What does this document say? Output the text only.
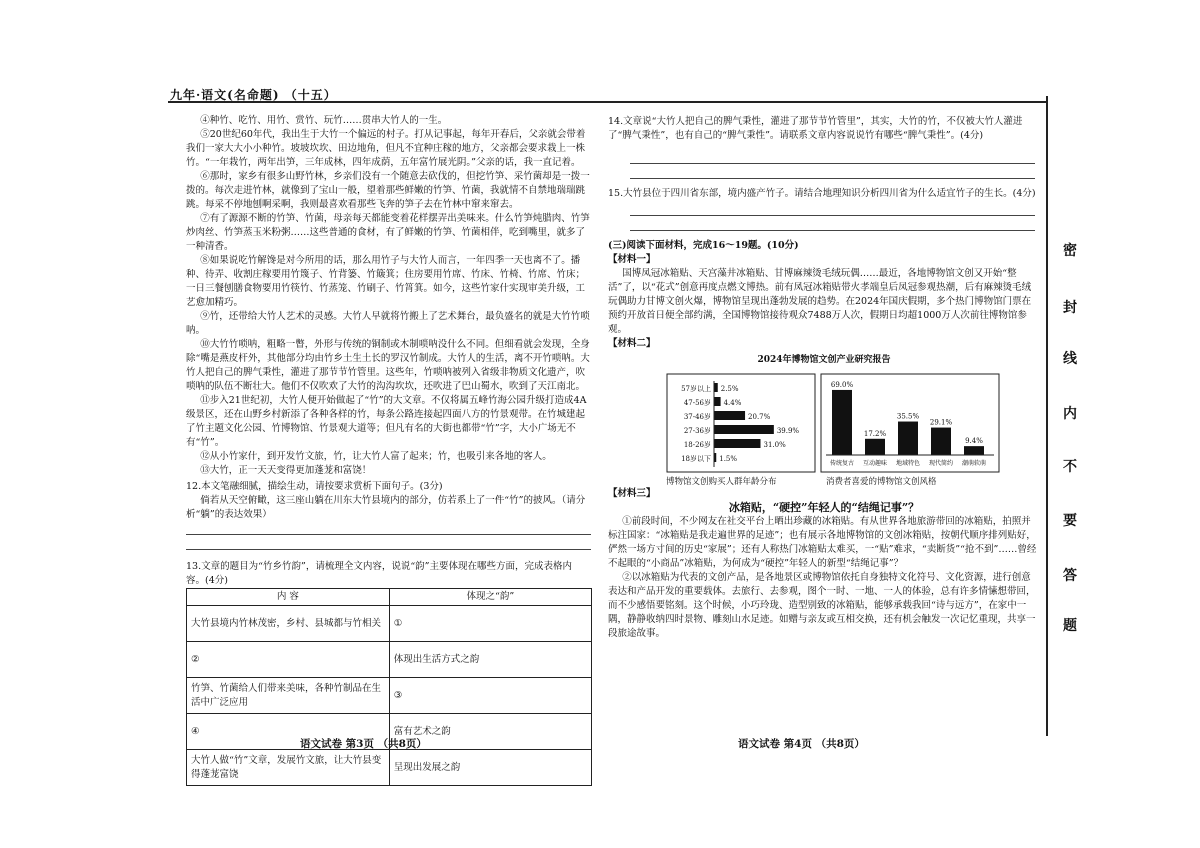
九年·语文(名命题) （十五）
密
封
线
内
不
要
答
题

④种竹、吃竹、用竹、赏竹、玩竹……贯串大竹人的一生。

⑤20世纪60年代，我出生于大竹一个偏远的村子。打从记事起，每年开春后，父亲就会带着我们一家大大小小种竹。坡坡坎坎、田边地角，但凡不宜种庄稼的地方，父亲都会要求栽上一株竹。“一年栽竹，两年出笋，三年成林，四年成荫，五年富竹展光阴。”父亲的话，我一直记着。

⑥那时，家乡有很多山野竹林，乡亲们没有一个随意去砍伐的，但挖竹笋、采竹菌却是一拨一拨的。每次走进竹林，就像到了宝山一般，望着那些鲜嫩的竹笋、竹菌，我就情不自禁地瑞瑞跳跳。每采不停地刨啊采啊，我则最喜欢看那些飞奔的笋子去在竹林中窜来窜去。

⑦有了源源不断的竹笋、竹菌，母亲每天都能变着花样摆弄出美味来。什么竹笋炖腊肉、竹笋炒肉丝、竹笋蒸玉米粉粥……这些普通的食材，有了鲜嫩的竹笋、竹菌相伴，吃到嘴里，就多了一种清香。

⑧如果说吃竹解馋是对今所用的话，那么用竹子与大竹人而言，一年四季一天也离不了。播种、待弄、收割庄稼要用竹篾子、竹背篓、竹簸箕；住房要用竹席、竹床、竹椅、竹席、竹床；一日三餐刨膳食物要用竹筷竹、竹蒸笼、竹刷子、竹筲箕。如今，这些竹家什实现审美升级，工艺愈加精巧。

⑨竹，还带给大竹人艺术的灵感。大竹人早就将竹搬上了艺术舞台，最负盛名的就是大竹竹唢呐。

⑩大竹竹唢呐，粗略一瞥，外形与传统的铜制或木制唢呐没什么不同。但细看就会发现，全身除“嘴是燕皮杆外，其他部分均由竹乡土生土长的罗汉竹制成。大竹人的生活，离不开竹唢呐。大竹人把自己的脾气秉性，灌进了那节节竹管里。这些年，竹唢呐被列入省级非物质文化遗产，吹唢呐的队伍不断壮大。他们不仅吹欢了大竹的沟沟坎坎，还吹进了巴山蜀水，吹到了天江南北。

⑪步入21世纪初，大竹人便开始做起了“竹”的大文章。不仅将属五峰竹海公园升级打造成4A级景区，还在山野乡村新添了各种各样的竹，每条公路连接起四面八方的竹景观带。在竹城建起了竹主题文化公园、竹博物馆、竹景观大道等；但凡有名的大街也都带“竹”字，大小广场无不有“竹”。

⑫从小竹家什，到开发竹文旅，竹，让大竹人富了起来；竹，也吸引来各地的客人。

⑬大竹，正一天天变得更加蓬茏和富饶！

12.本文笔融细腻，描绘生动，请按要求赏析下面句子。(3分)

倘若从天空俯瞰，这三座山躺在川东大竹县境内的部分，仿若系上了一件“竹”的披风。（请分析“躺”的表达效果）

13.文章的题目为“竹乡竹韵”，请梳理全文内容，说说“韵”主要体现在哪些方面，完成表格内容。(4分)

内 容	体现之“韵”
大竹县境内竹林茂密，乡村、县城都与竹相关	①
②	体现出生活方式之韵
竹笋、竹菌给人们带来美味，各种竹制品在生活中广泛应用	③
④	富有艺术之韵
大竹人做“竹”文章，发展竹文旅，让大竹县变得蓬茏富饶	呈现出发展之韵
语文试卷 第3页 （共8页）

14.文章说“大竹人把自己的脾气秉性，灌进了那节节竹管里”，其实，大竹的竹，不仅被大竹人灌进了“脾气秉性”，也有自己的“脾气秉性”。请联系文章内容说说竹有哪些“脾气秉性”。(4分)

15.大竹县位于四川省东部，境内盛产竹子。请结合地理知识分析四川省为什么适宜竹子的生长。(4分)

(三)阅读下面材料，完成16～19题。(10分)

【材料一】

国博凤冠冰箱贴、天宫藻井冰箱贴、甘博麻辣烫毛绒玩偶……最近，各地博物馆文创又开始“整活”了，以“花式”创意再度点燃文博热。前有凤冠冰箱贴带火孝端皇后凤冠参观热潮，后有麻辣烫毛绒玩偶助力甘博文创火爆，博物馆呈现出蓬勃发展的趋势。在2024年国庆假期，多个热门博物馆门票在预约开放首日便全部约满，全国博物馆接待观众7488万人次，假期日均超1000万人次前往博物馆参观。

【材料二】

2024年博物馆文创产业研究报告
57岁以上 2.5%
47-56岁 4.4%
37-46岁	20.7%
27-36岁	39.9%
18-26岁	31.0%
18岁以下 1.5%
69.0%
传统复古
17.2%
互动趣味
35.5%
地域特色
29.1%
现代简约
9.4%
潮萌软萌
博物馆文创购买人群年龄分布	消费者喜爱的博物馆文创风格

【材料三】

冰箱贴，“硬控”年轻人的“结绳记事”？

①前段时间，不少网友在社交平台上晒出珍藏的冰箱贴。有从世界各地旅游带回的冰箱贴，拍照并标注国家：“冰箱贴是我走遍世界的足迹”；也有展示各地博物馆的文创冰箱贴，按朝代顺序排列贴好，俨然一场方寸间的历史“家展”；还有人称热门冰箱贴太难买，一“贴”难求，“卖断货”“抢不到”……曾经不起眼的“小商品”冰箱贴，为何成为“硬控”年轻人的新型“结绳记事”？

②以冰箱贴为代表的文创产品，是各地景区或博物馆依托自身独特文化符号、文化资源，进行创意表达和产品开发的重要载体。去旅行、去参观，图个一时、一地、一人的体验，总有许多情愫想带回，而不少感悟要铭刻。这个时候，小巧玲珑、造型别致的冰箱贴，能够承载我回“诗与远方”，在家中一隅，静静收纳四时景物、雕刻山水足迹。如赠与亲友或互相交换，还有机会触发一次记忆重现，共享一段旅途故事。

语文试卷 第4页 （共8页）
